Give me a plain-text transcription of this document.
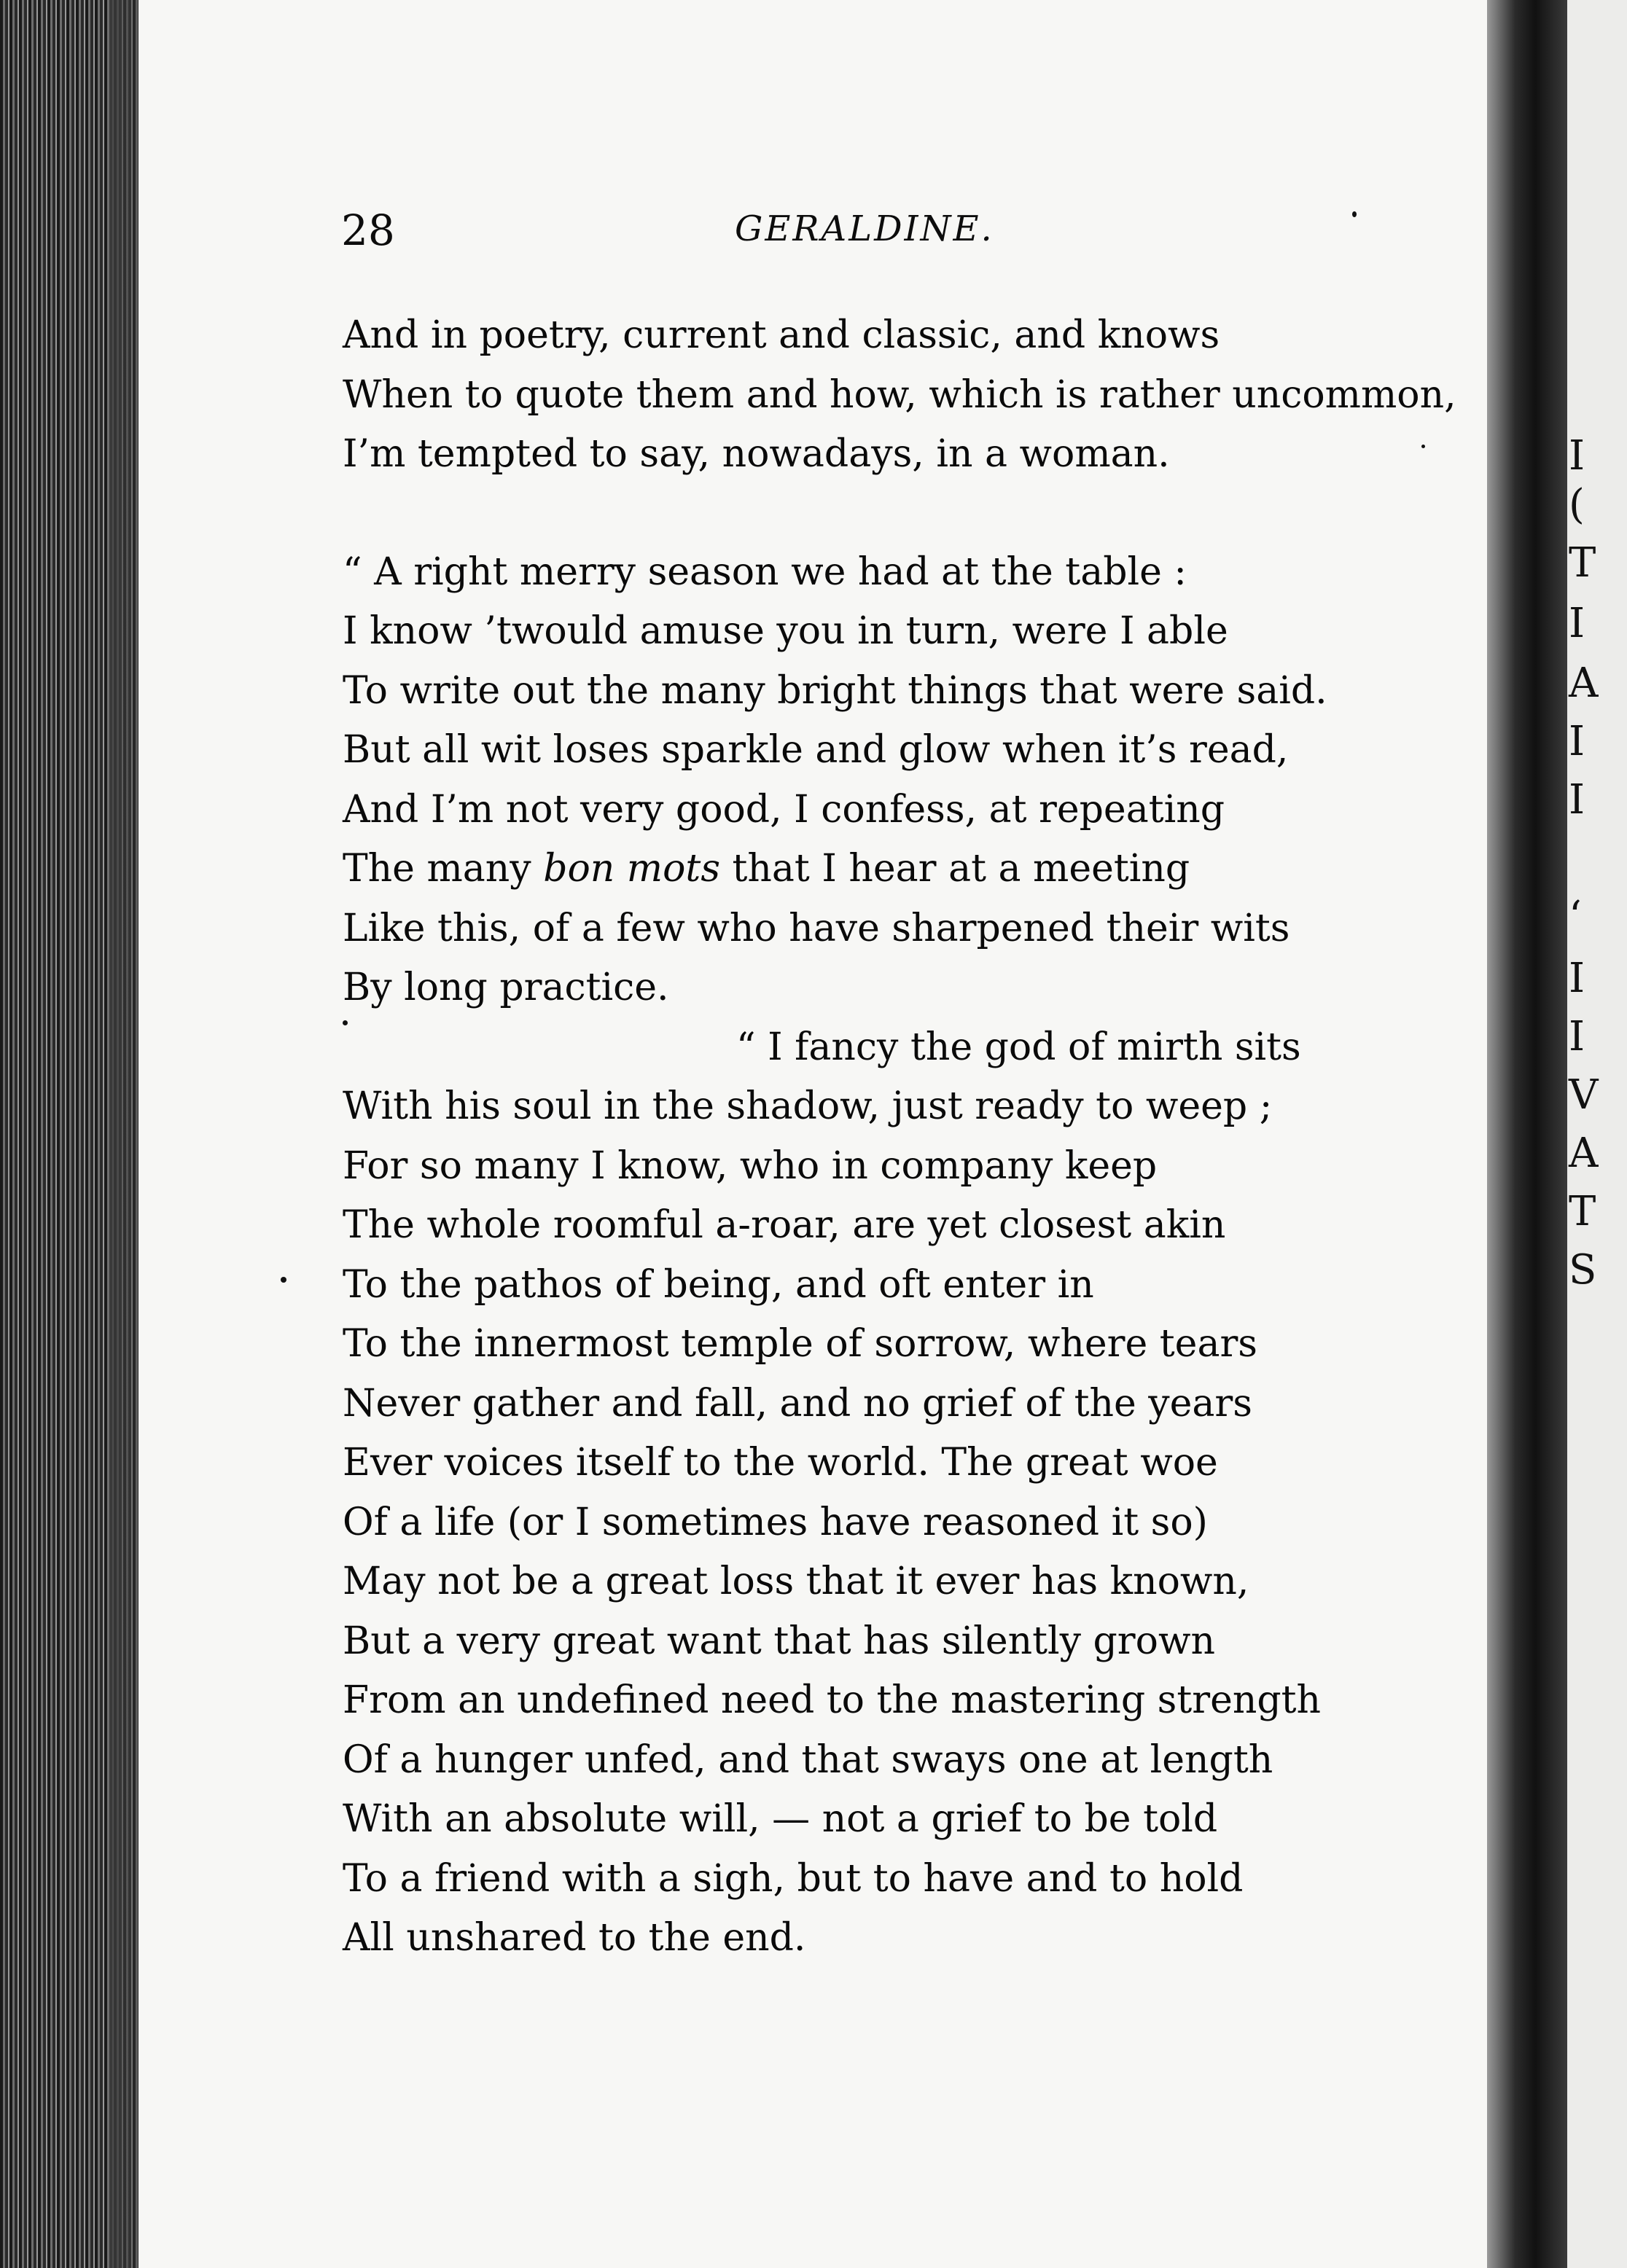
I
(
T
I
A
I
I
‘
I
I
V
A
T
S
28	GERALDINE.
And in poetry, current and classic, and knows
When to quote them and how, which is rather uncommon,
I’m tempted to say, nowadays, in a woman.
“ A right merry season we had at the table :
I know ’twould amuse you in turn, were I able
To write out the many bright things that were said.
But all wit loses sparkle and glow when it’s read,
And I’m not very good, I confess, at repeating
The many bon mots that I hear at a meeting
Like this, of a few who have sharpened their wits
By long practice.
“ I fancy the god of mirth sits
With his soul in the shadow, just ready to weep ;
For so many I know, who in company keep
The whole roomful a-roar, are yet closest akin
To the pathos of being, and oft enter in
To the innermost temple of sorrow, where tears
Never gather and fall, and no grief of the years
Ever voices itself to the world. The great woe
Of a life (or I sometimes have reasoned it so)
May not be a great loss that it ever has known,
But a very great want that has silently grown
From an undefined need to the mastering strength
Of a hunger unfed, and that sways one at length
With an absolute will, — not a grief to be told
To a friend with a sigh, but to have and to hold
All unshared to the end.
